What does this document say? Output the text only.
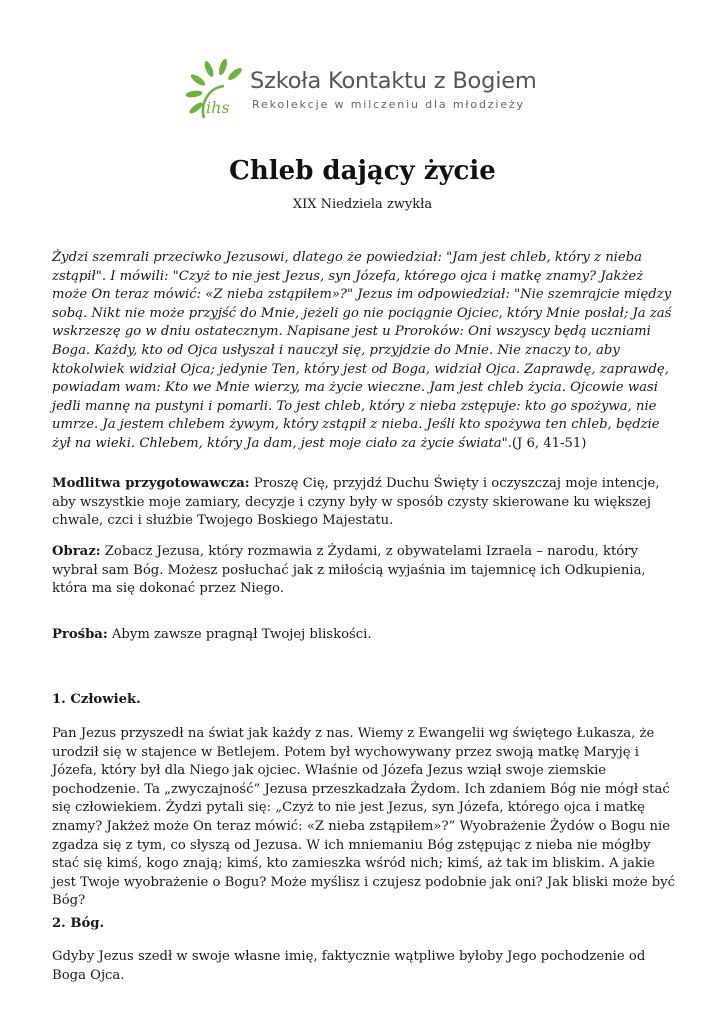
ihs
Szkoła Kontaktu z Bogiem
Rekolekcje w milczeniu dla młodzieży
Chleb dający życie

XIX Niedziela zwykła

Żydzi szemrali przeciwko Jezusowi, dlatego że powiedział: "Jam jest chleb, który z nieba zstąpił". I mówili: "Czyż to nie jest Jezus, syn Józefa, którego ojca i matkę znamy? Jakżeż może On teraz mówić: «Z nieba zstąpiłem»?" Jezus im odpowiedział: "Nie szemrajcie między sobą. Nikt nie może przyjść do Mnie, jeżeli go nie pociągnie Ojciec, który Mnie posłał; Ja zaś wskrzeszę go w dniu ostatecznym. Napisane jest u Proroków: Oni wszyscy będą uczniami Boga. Każdy, kto od Ojca usłyszał i nauczył się, przyjdzie do Mnie. Nie znaczy to, aby ktokolwiek widział Ojca; jedynie Ten, który jest od Boga, widział Ojca. Zaprawdę, zaprawdę, powiadam wam: Kto we Mnie wierzy, ma życie wieczne. Jam jest chleb życia. Ojcowie wasi jedli mannę na pustyni i pomarli. To jest chleb, który z nieba zstępuje: kto go spożywa, nie umrze. Ja jestem chlebem żywym, który zstąpił z nieba. Jeśli kto spożywa ten chleb, będzie żył na wieki. Chlebem, który Ja dam, jest moje ciało za życie świata".(J 6, 41-51)

Modlitwa przygotowawcza: Proszę Cię, przyjdź Duchu Święty i oczyszczaj moje intencje, aby wszystkie moje zamiary, decyzje i czyny były w sposób czysty skierowane ku większej chwale, czci i służbie Twojego Boskiego Majestatu.

Obraz: Zobacz Jezusa, który rozmawia z Żydami, z obywatelami Izraela – narodu, który wybrał sam Bóg. Możesz posłuchać jak z miłością wyjaśnia im tajemnicę ich Odkupienia, która ma się dokonać przez Niego.

Prośba: Abym zawsze pragnął Twojej bliskości.

1. Człowiek.

Pan Jezus przyszedł na świat jak każdy z nas. Wiemy z Ewangelii wg świętego Łukasza, że urodził się w stajence w Betlejem. Potem był wychowywany przez swoją matkę Maryję i Józefa, który był dla Niego jak ojciec. Właśnie od Józefa Jezus wziął swoje ziemskie pochodzenie. Ta „zwyczajność” Jezusa przeszkadzała Żydom. Ich zdaniem Bóg nie mógł stać się człowiekiem. Żydzi pytali się: „Czyż to nie jest Jezus, syn Józefa, którego ojca i matkę znamy? Jakżeż może On teraz mówić: «Z nieba zstąpiłem»?” Wyobrażenie Żydów o Bogu nie zgadza się z tym, co słyszą od Jezusa. W ich mniemaniu Bóg zstępując z nieba nie mógłby stać się kimś, kogo znają; kimś, kto zamieszka wśród nich; kimś, aż tak im bliskim. A jakie jest Twoje wyobrażenie o Bogu? Może myślisz i czujesz podobnie jak oni? Jak bliski może być Bóg?

2. Bóg.

Gdyby Jezus szedł w swoje własne imię, faktycznie wątpliwe byłoby Jego pochodzenie od Boga Ojca.
